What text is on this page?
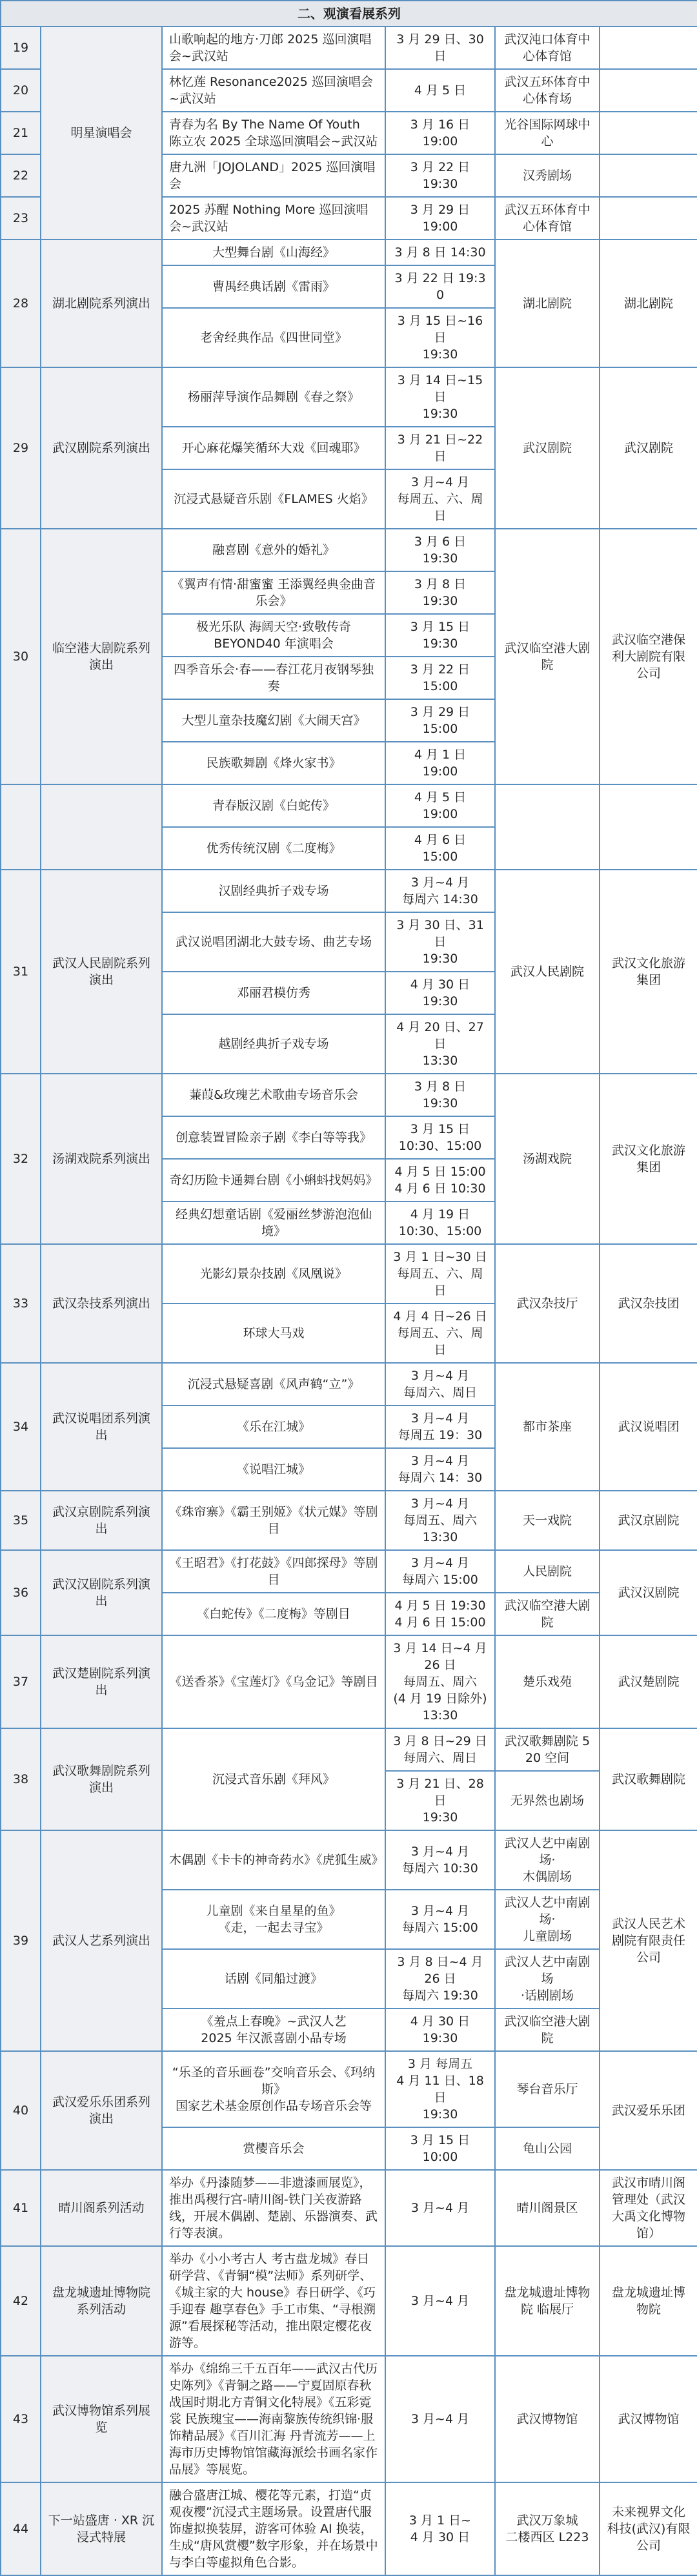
二、观演看展系列					
19	明星演唱会	山歌响起的地方·刀郎 2025 巡回演唱会~武汉站	3 月 29 日、30 日	武汉沌口体育中心体育馆	

20		林忆莲 Resonance2025 巡回演唱会~武汉站	4 月 5 日	武汉五环体育中心体育场	

21		青春为名 By The Name Of Youth
陈立农 2025 全球巡回演唱会~武汉站	3 月 16 日
19:00	光谷国际网球中心	

22		唐九洲「JOJOLAND」2025 巡回演唱会	3 月 22 日
19:30	汉秀剧场	

23		2025 苏醒 Nothing More 巡回演唱会~武汉站	3 月 29 日
19:00	武汉五环体育中心体育馆	

28	湖北剧院系列演出	大型舞台剧《山海经》	3 月 8 日 14:30	湖北剧院	湖北剧院

		曹禺经典话剧《雷雨》	3 月 22 日 19:30		

		老舍经典作品《四世同堂》	3 月 15 日~16 日
19:30		

29	武汉剧院系列演出	杨丽萍导演作品舞剧《春之祭》	3 月 14 日~15 日
19:30	武汉剧院	武汉剧院

		开心麻花爆笑循环大戏《回魂耶》	3 月 21 日~22 日		

		沉浸式悬疑音乐剧《FLAMES 火焰》	3 月~4 月
每周五、六、周日		

30	临空港大剧院系列演出	融喜剧《意外的婚礼》	3 月 6 日
19:30	武汉临空港大剧院	武汉临空港保利大剧院有限公司

		《翼声有情·甜蜜蜜 王添翼经典金曲音乐会》	3 月 8 日
19:30		

		极光乐队 海阔天空·致敬传奇
BEYOND40 年演唱会	3 月 15 日
19:30		

		四季音乐会·春——春江花月夜钢琴独奏	3 月 22 日
15:00		

		大型儿童杂技魔幻剧《大闹天宫》	3 月 29 日
15:00		

		民族歌舞剧《烽火家书》	4 月 1 日
19:00		

		青春版汉剧《白蛇传》	4 月 5 日
19:00		

		优秀传统汉剧《二度梅》	4 月 6 日
15:00		

31	武汉人民剧院系列演出	汉剧经典折子戏专场	3 月~4 月
每周六 14:30	武汉人民剧院	武汉文化旅游集团

		武汉说唱团湖北大鼓专场、曲艺专场	3 月 30 日、31 日
19:30		

		邓丽君模仿秀	4 月 30 日
19:30		

		越剧经典折子戏专场	4 月 20 日、27 日
13:30		

32	汤湖戏院系列演出	蒹葭&玫瑰艺术歌曲专场音乐会	3 月 8 日
19:30	汤湖戏院	武汉文化旅游集团

		创意装置冒险亲子剧《李白等等我》	3 月 15 日
10:30、15:00		

		奇幻历险卡通舞台剧《小蝌蚪找妈妈》	4 月 5 日 15:00
4 月 6 日 10:30		

		经典幻想童话剧《爱丽丝梦游泡泡仙境》	4 月 19 日
10:30、15:00		

33	武汉杂技系列演出	光影幻景杂技剧《凤凰说》	3 月 1 日~30 日
每周五、六、周日	武汉杂技厅	武汉杂技团

		环球大马戏	4 月 4 日~26 日
每周五、六、周日		

34	武汉说唱团系列演出	沉浸式悬疑喜剧《风声鹤“立”》	3 月~4 月
每周六、周日	都市茶座	武汉说唱团

		《乐在江城》	3 月~4 月
每周五 19：30		

		《说唱江城》	3 月~4 月
每周六 14：30		

35	武汉京剧院系列演出	《珠帘寨》《霸王别姬》《状元媒》等剧目	3 月~4 月
每周五、周六
13:30	天一戏院	武汉京剧院
36	武汉汉剧院系列演出	《王昭君》《打花鼓》《四郎探母》等剧目	3 月~4 月
每周六 15:00	人民剧院	武汉汉剧院

		《白蛇传》《二度梅》等剧目	4 月 5 日 19:30
4 月 6 日 15:00	武汉临空港大剧院	

37	武汉楚剧院系列演出	《送香茶》《宝莲灯》《乌金记》等剧目	3 月 14 日~4 月 26 日
每周五、周六
(4 月 19 日除外)
13:30	楚乐戏苑	武汉楚剧院
38	武汉歌舞剧院系列演出	沉浸式音乐剧《拜风》	3 月 8 日~29 日
每周六、周日	武汉歌舞剧院 520 空间	武汉歌舞剧院

			3 月 21 日、28 日
19:30	无界然也剧场	

39	武汉人艺系列演出	木偶剧《卡卡的神奇药水》《虎狐生威》	3 月~4 月
每周六 10:30	武汉人艺中南剧场·
木偶剧场	武汉人民艺术剧院有限责任公司

		儿童剧《来自星星的鱼》
《走，一起去寻宝》	3 月~4 月
每周六 15:00	武汉人艺中南剧场·
儿童剧场	

		话剧《同船过渡》	3 月 8 日~4 月 26 日
每周六 19:30	武汉人艺中南剧场
·话剧剧场	

		《羞点上春晚》~武汉人艺
2025 年汉派喜剧小品专场	4 月 30 日
19:30	武汉临空港大剧院	

40	武汉爱乐乐团系列演出	“乐圣的音乐画卷”交响音乐会、《玛纳斯》
国家艺术基金原创作品专场音乐会等	3 月 每周五
4 月 11 日、18 日
19:30	琴台音乐厅	武汉爱乐乐团

		赏樱音乐会	3 月 15 日
10:00	龟山公园	

41	晴川阁系列活动	举办《丹漆随梦——非遗漆画展览》，推出禹稷行宫-晴川阁-铁门关夜游路线，开展木偶剧、楚剧、乐器演奏、武行等表演。	3 月~4 月	晴川阁景区	武汉市晴川阁管理处（武汉大禹文化博物馆）

42	盘龙城遗址博物院系列活动	举办《小小考古人 考古盘龙城》春日研学营、《青铜“模”法师》系列研学、《城主家的大 house》春日研学、《巧手迎春 趣享春色》手工市集、“寻根溯源”看展探秘等活动，推出限定樱花夜游等。	3 月~4 月	盘龙城遗址博物院 临展厅	盘龙城遗址博物院

43	武汉博物馆系列展览	举办《绵绵三千五百年——武汉古代历史陈列》《青铜之路——宁夏固原春秋战国时期北方青铜文化特展》《五彩霓裳 民族瑰宝——海南黎族传统织锦·服饰精品展》《百川汇海 丹青流芳——上海市历史博物馆馆藏海派绘书画名家作品展》等展览。	3 月~4 月	武汉博物馆	武汉博物馆

44	下一站盛唐 · XR 沉浸式特展	融合盛唐江城、樱花等元素，打造“贞观夜樱”沉浸式主题场景。设置唐代服饰虚拟换装屏，游客可体验 AI 换装，生成“唐风赏樱”数字形象，并在场景中与李白等虚拟角色合影。	3 月 1 日~
4 月 30 日	武汉万象城
二楼西区 L223	未来视界文化科技(武汉)有限公司
